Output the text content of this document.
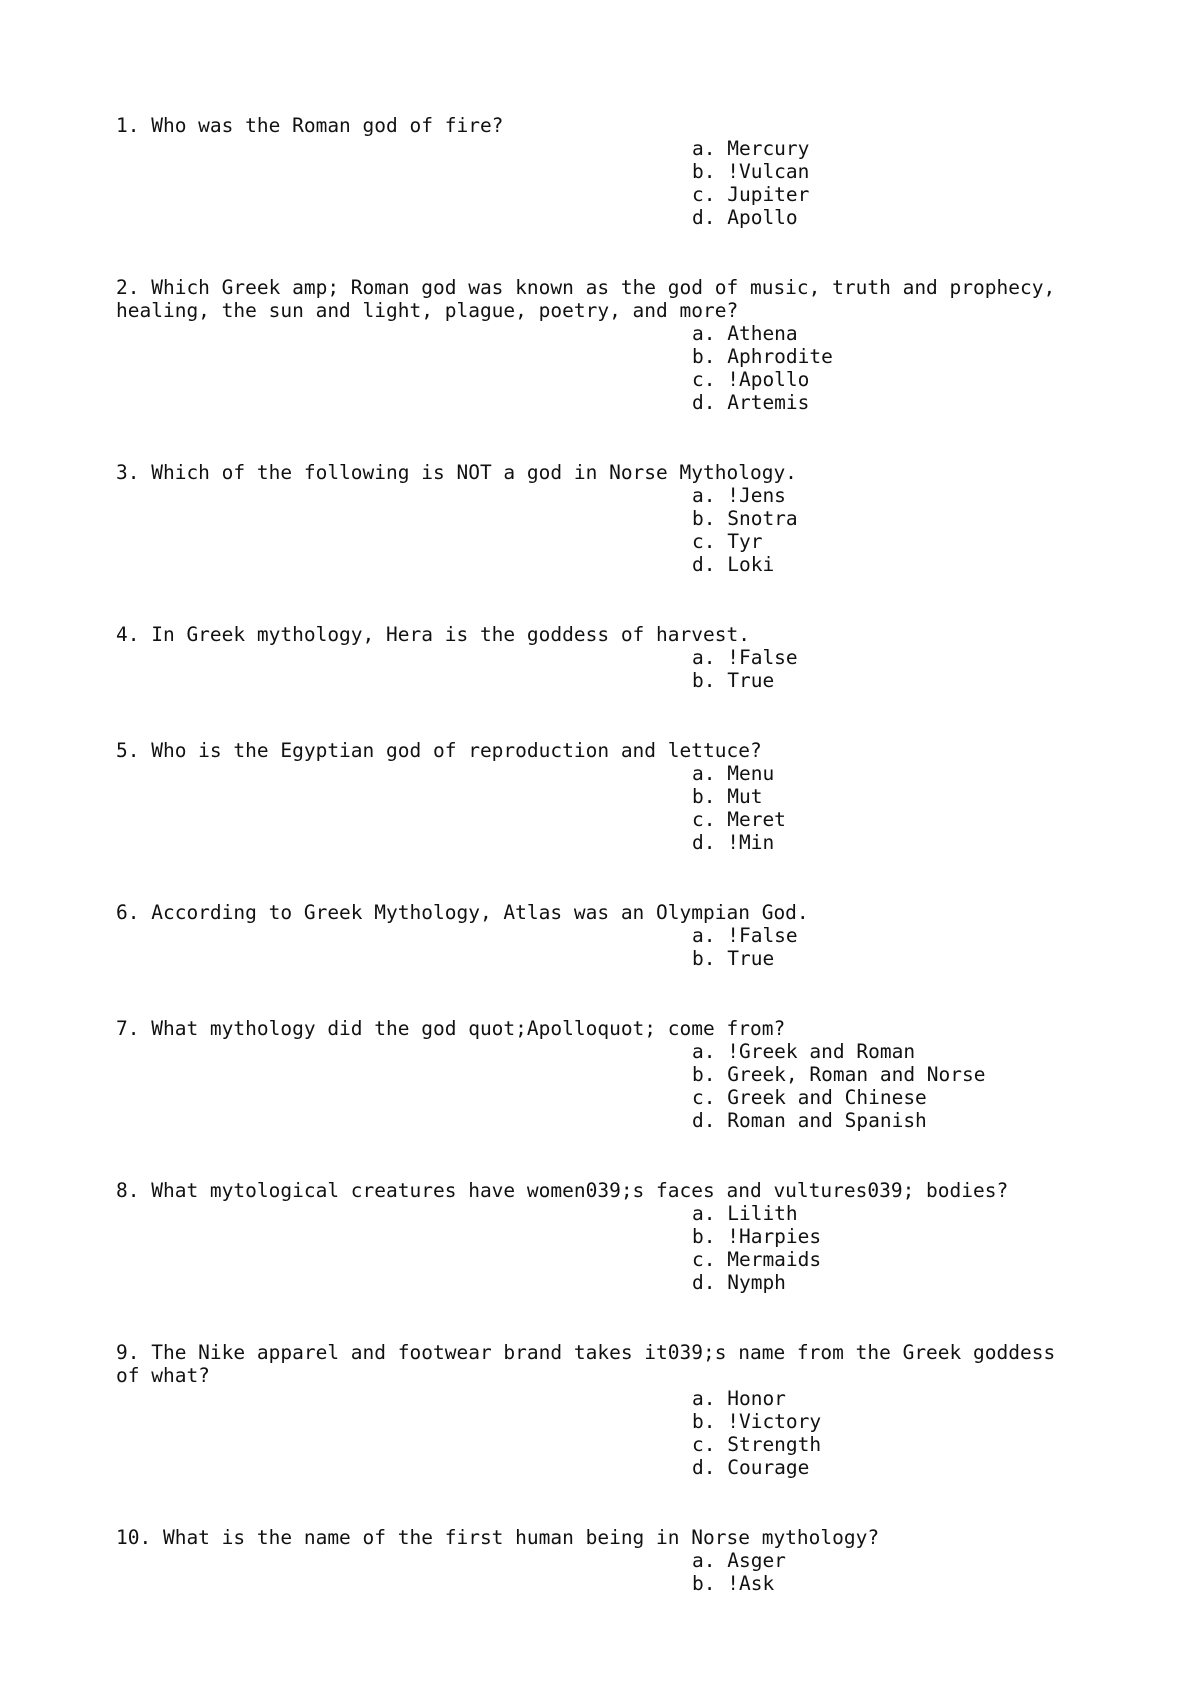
1. Who was the Roman god of fire?

a. Mercury
b. !Vulcan
c. Jupiter
d. Apollo

2. Which Greek amp; Roman god was known as the god of music, truth and prophecy,
healing, the sun and light, plague, poetry, and more?

a. Athena
b. Aphrodite
c. !Apollo
d. Artemis

3. Which of the following is NOT a god in Norse Mythology.

a. !Jens
b. Snotra
c. Tyr
d. Loki

4. In Greek mythology, Hera is the goddess of harvest.

a. !False
b. True

5. Who is the Egyptian god of reproduction and lettuce?

a. Menu
b. Mut
c. Meret
d. !Min

6. According to Greek Mythology, Atlas was an Olympian God.

a. !False
b. True

7. What mythology did the god quot;Apolloquot; come from?

a. !Greek and Roman
b. Greek, Roman and Norse
c. Greek and Chinese
d. Roman and Spanish

8. What mytological creatures have women039;s faces and vultures039; bodies?

a. Lilith
b. !Harpies
c. Mermaids
d. Nymph

9. The Nike apparel and footwear brand takes it039;s name from the Greek goddess
of what?

a. Honor
b. !Victory
c. Strength
d. Courage

10. What is the name of the first human being in Norse mythology?

a. Asger
b. !Ask
